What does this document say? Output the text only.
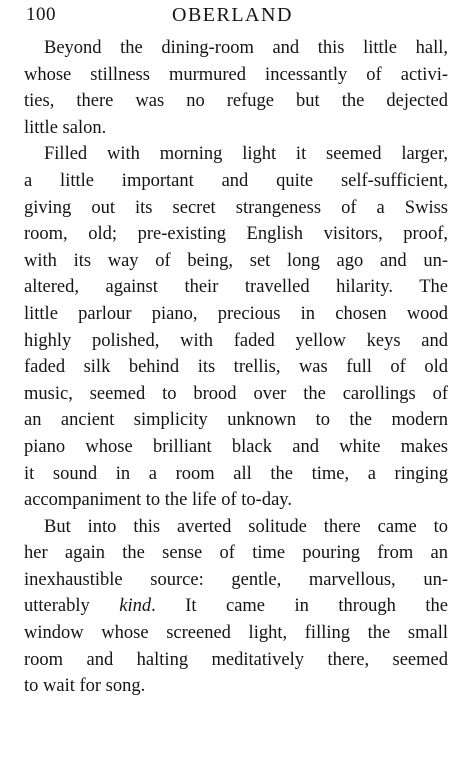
100	OBERLAND
Beyond the dining-room and this little hall,
whose stillness murmured incessantly of activi-
ties, there was no refuge but the dejected
little salon.
Filled with morning light it seemed larger,
a little important and quite self-sufficient,
giving out its secret strangeness of a Swiss
room, old; pre-existing English visitors, proof,
with its way of being, set long ago and un-
altered, against their travelled hilarity. The
little parlour piano, precious in chosen wood
highly polished, with faded yellow keys and
faded silk behind its trellis, was full of old
music, seemed to brood over the carollings of
an ancient simplicity unknown to the modern
piano whose brilliant black and white makes
it sound in a room all the time, a ringing
accompaniment to the life of to-day.
But into this averted solitude there came to
her again the sense of time pouring from an
inexhaustible source: gentle, marvellous, un-
utterably kind. It came in through the
window whose screened light, filling the small
room and halting meditatively there, seemed
to wait for song.
